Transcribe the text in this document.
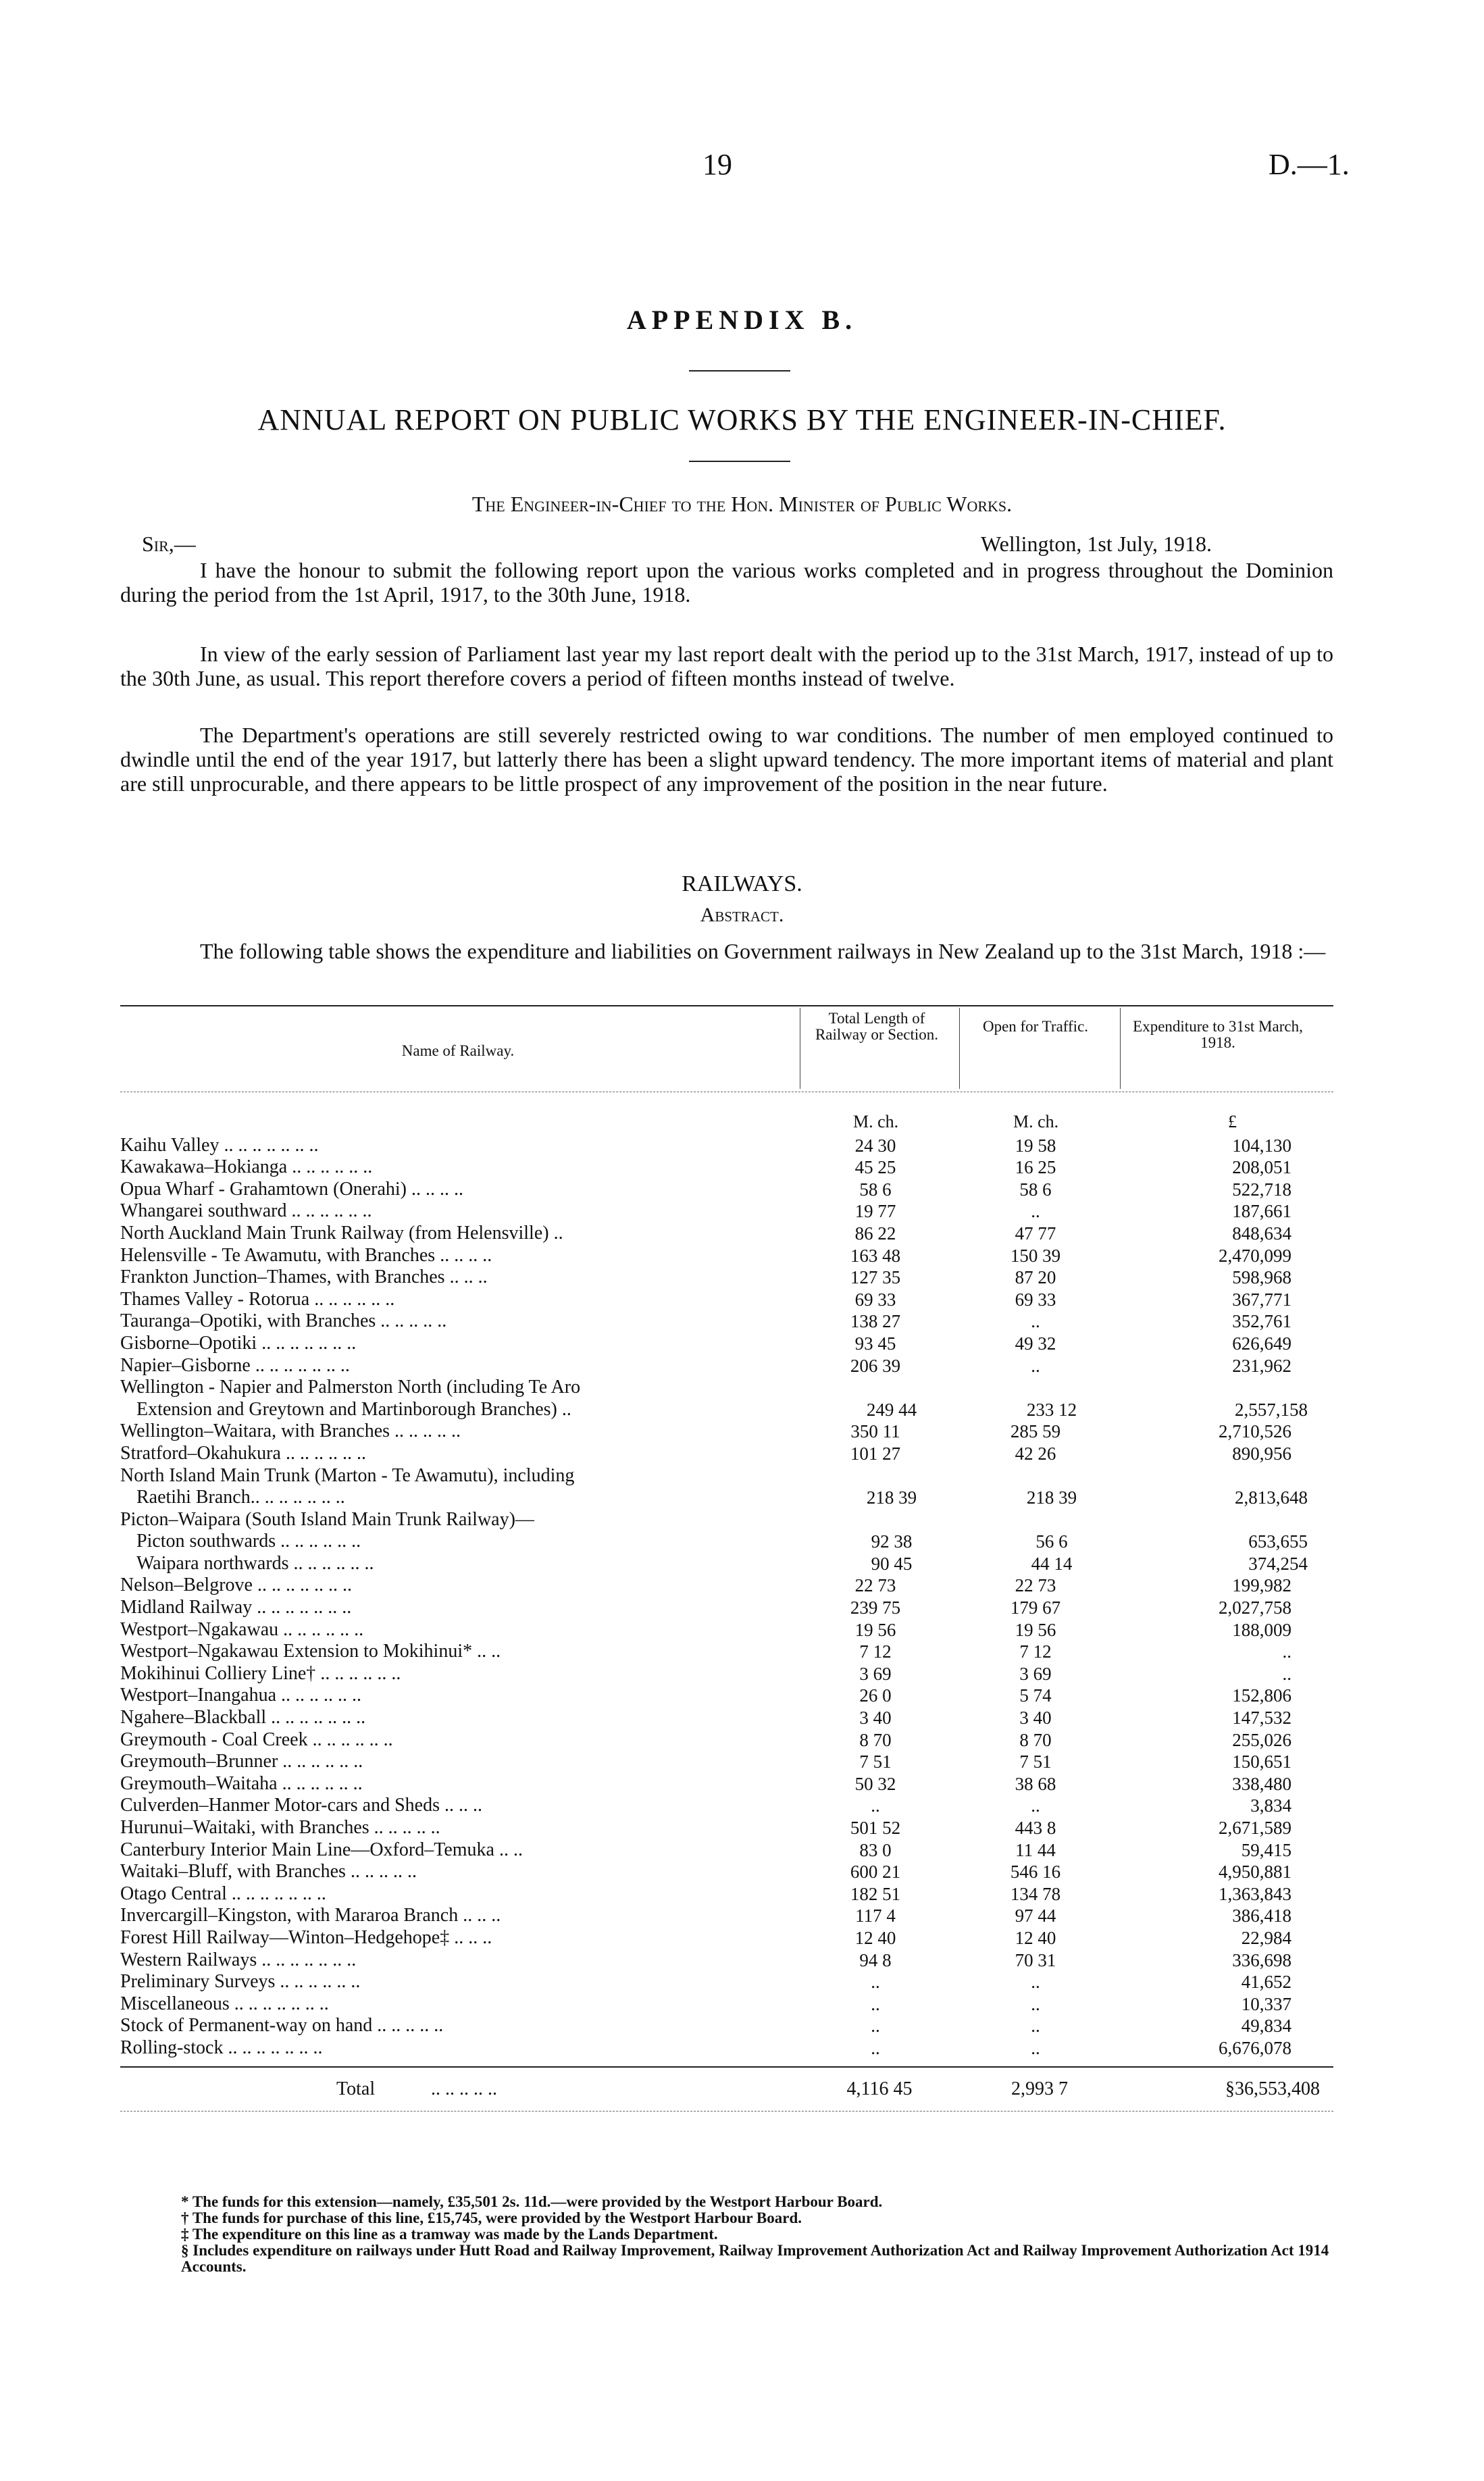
19	D.—1.
APPENDIX B.
ANNUAL REPORT ON PUBLIC WORKS BY THE ENGINEER-IN-CHIEF.
The Engineer-in-Chief to the Hon. Minister of Public Works.
Sir,—	Wellington, 1st July, 1918.
I have the honour to submit the following report upon the various works completed and in progress throughout the Dominion during the period from the 1st April, 1917, to the 30th June, 1918.
In view of the early session of Parliament last year my last report dealt with the period up to the 31st March, 1917, instead of up to the 30th June, as usual. This report therefore covers a period of fifteen months instead of twelve.
The Department's operations are still severely restricted owing to war conditions. The number of men employed continued to dwindle until the end of the year 1917, but latterly there has been a slight upward tendency. The more important items of material and plant are still unprocurable, and there appears to be little prospect of any improvement of the position in the near future.
RAILWAYS.
Abstract.
The following table shows the expenditure and liabilities on Government railways in New Zealand up to the 31st March, 1918 :—
Name of Railway.
Total Length of Railway or Section.	Open for Traffic.	Expenditure to 31st March, 1918.
M. ch.	M. ch.	£
Kaihu Valley .. .. .. .. .. .. ..	24 30	19 58	104,130
Kawakawa–Hokianga .. .. .. .. .. ..	45 25	16 25	208,051
Opua Wharf - Grahamtown (Onerahi) .. .. .. ..	58 6	58 6	522,718
Whangarei southward .. .. .. .. .. ..	19 77	..	187,661
North Auckland Main Trunk Railway (from Helensville) ..	86 22	47 77	848,634
Helensville - Te Awamutu, with Branches .. .. .. ..	163 48	150 39	2,470,099
Frankton Junction–Thames, with Branches .. .. ..	127 35	87 20	598,968
Thames Valley - Rotorua .. .. .. .. .. ..	69 33	69 33	367,771
Tauranga–Opotiki, with Branches .. .. .. .. ..	138 27	..	352,761
Gisborne–Opotiki .. .. .. .. .. .. ..	93 45	49 32	626,649
Napier–Gisborne .. .. .. .. .. .. ..	206 39	..	231,962
Wellington - Napier and Palmerston North (including Te Aro
Extension and Greytown and Martinborough Branches) ..	249 44	233 12	2,557,158
Wellington–Waitara, with Branches .. .. .. .. ..	350 11	285 59	2,710,526
Stratford–Okahukura .. .. .. .. .. ..	101 27	42 26	890,956
North Island Main Trunk (Marton - Te Awamutu), including
Raetihi Branch.. .. .. .. .. .. ..	218 39	218 39	2,813,648
Picton–Waipara (South Island Main Trunk Railway)—
Picton southwards .. .. .. .. .. ..	92 38	56 6	653,655
Waipara northwards .. .. .. .. .. ..	90 45	44 14	374,254
Nelson–Belgrove .. .. .. .. .. .. ..	22 73	22 73	199,982
Midland Railway .. .. .. .. .. .. ..	239 75	179 67	2,027,758
Westport–Ngakawau .. .. .. .. .. ..	19 56	19 56	188,009
Westport–Ngakawau Extension to Mokihinui* .. ..	7 12	7 12	..
Mokihinui Colliery Line† .. .. .. .. .. ..	3 69	3 69	..
Westport–Inangahua .. .. .. .. .. ..	26 0	5 74	152,806
Ngahere–Blackball .. .. .. .. .. .. ..	3 40	3 40	147,532
Greymouth - Coal Creek .. .. .. .. .. ..	8 70	8 70	255,026
Greymouth–Brunner .. .. .. .. .. ..	7 51	7 51	150,651
Greymouth–Waitaha .. .. .. .. .. ..	50 32	38 68	338,480
Culverden–Hanmer Motor-cars and Sheds .. .. ..	..	..	3,834
Hurunui–Waitaki, with Branches .. .. .. .. ..	501 52	443 8	2,671,589
Canterbury Interior Main Line—Oxford–Temuka .. ..	83 0	11 44	59,415
Waitaki–Bluff, with Branches .. .. .. .. ..	600 21	546 16	4,950,881
Otago Central .. .. .. .. .. .. ..	182 51	134 78	1,363,843
Invercargill–Kingston, with Mararoa Branch .. .. ..	117 4	97 44	386,418
Forest Hill Railway—Winton–Hedgehope‡ .. .. ..	12 40	12 40	22,984
Western Railways .. .. .. .. .. .. ..	94 8	70 31	336,698
Preliminary Surveys .. .. .. .. .. ..	..	..	41,652
Miscellaneous .. .. .. .. .. .. ..	..	..	10,337
Stock of Permanent-way on hand .. .. .. .. ..	..	..	49,834
Rolling-stock .. .. .. .. .. .. ..	..	..	6,676,078
Total	.. .. .. .. ..	4,116 45	2,993 7	§36,553,408
* The funds for this extension—namely, £35,501 2s. 11d.—were provided by the Westport Harbour Board.
† The funds for purchase of this line, £15,745, were provided by the Westport Harbour Board.
‡ The expenditure on this line as a tramway was made by the Lands Department.
§ Includes expenditure on railways under Hutt Road and Railway Improvement, Railway Improvement Authorization Act and Railway Improvement Authorization Act 1914 Accounts.
